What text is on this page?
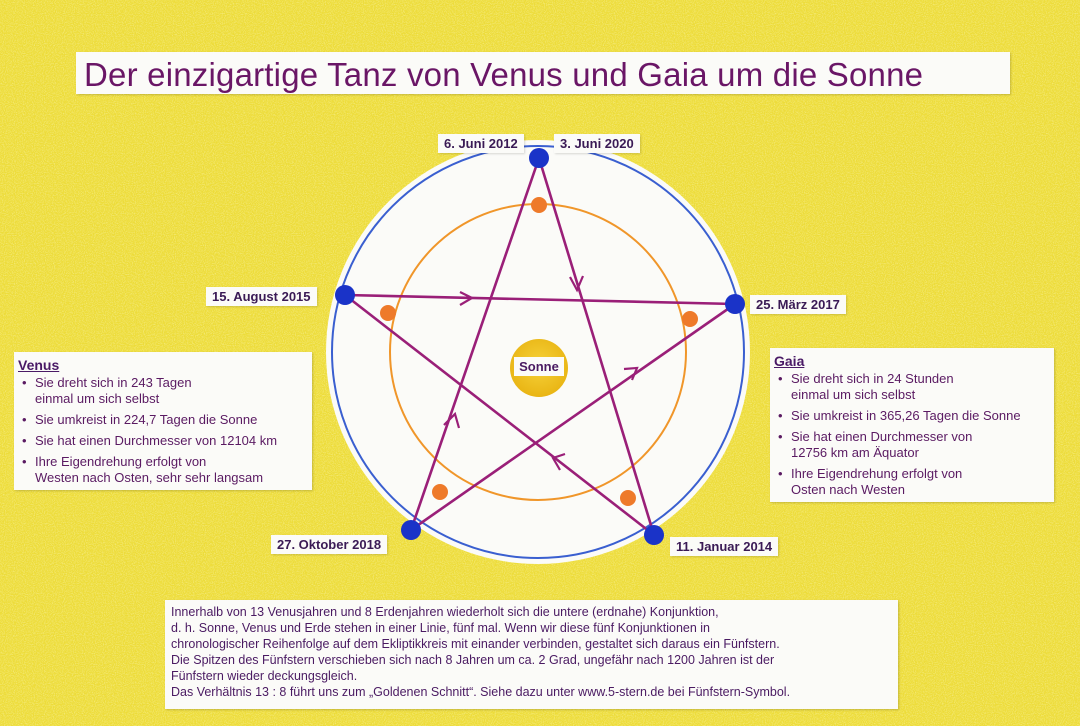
Sonne
Der einzigartige Tanz von Venus und Gaia um die Sonne
6. Juni 2012	3. Juni 2020
15. August 2015
25. März 2017
27. Oktober 2018	11. Januar 2014
Venus
• Sie dreht sich in 243 Tagen
einmal um sich selbst
• Sie umkreist in 224,7 Tagen die Sonne
• Sie hat einen Durchmesser von 12104 km
• Ihre Eigendrehung erfolgt von
Westen nach Osten, sehr sehr langsam
Gaia
• Sie dreht sich in 24 Stunden
einmal um sich selbst
• Sie umkreist in 365,26 Tagen die Sonne
• Sie hat einen Durchmesser von
12756 km am Äquator
• Ihre Eigendrehung erfolgt von
Osten nach Westen

Innerhalb von 13 Venusjahren und 8 Erdenjahren wiederholt sich die untere (erdnahe) Konjunktion,
d. h. Sonne, Venus und Erde stehen in einer Linie, fünf mal. Wenn wir diese fünf Konjunktionen in
chronologischer Reihenfolge auf dem Ekliptikkreis mit einander verbinden, gestaltet sich daraus ein Fünfstern.
Die Spitzen des Fünfstern verschieben sich nach 8 Jahren um ca. 2 Grad, ungefähr nach 1200 Jahren ist der
Fünfstern wieder deckungsgleich.
Das Verhältnis 13 : 8 führt uns zum „Goldenen Schnitt“. Siehe dazu unter www.5-stern.de bei Fünfstern-Symbol.
